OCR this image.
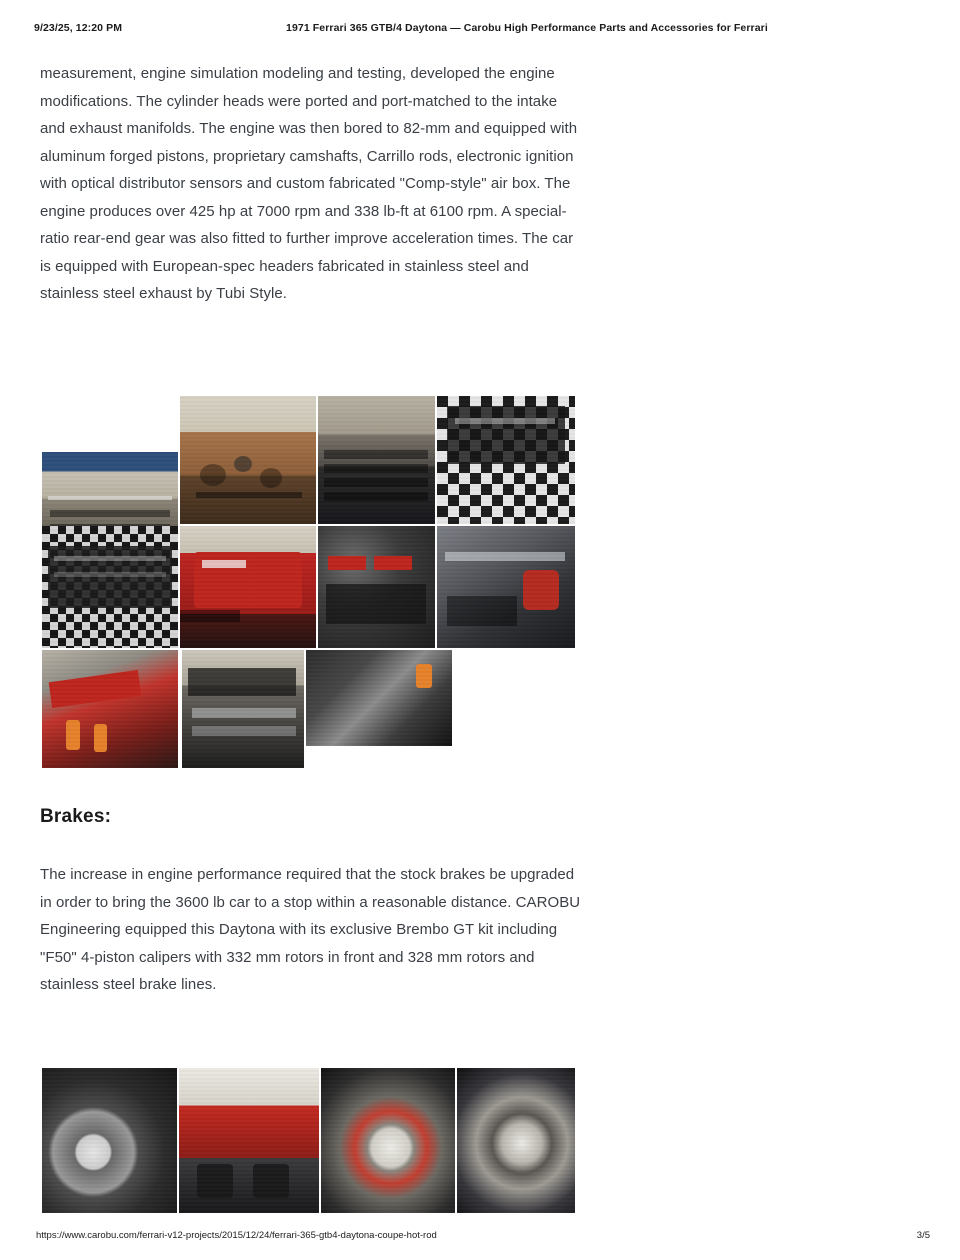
9/23/25, 12:20 PM	1971 Ferrari 365 GTB/4 Daytona — Carobu High Performance Parts and Accessories for Ferrari

measurement, engine simulation modeling and testing, developed the engine modifications. The cylinder heads were ported and port-matched to the intake and exhaust manifolds. The engine was then bored to 82-mm and equipped with aluminum forged pistons, proprietary camshafts, Carrillo rods, electronic ignition with optical distributor sensors and custom fabricated "Comp-style" air box. The engine produces over 425 hp at 7000 rpm and 338 lb-ft at 6100 rpm. A special-ratio rear-end gear was also fitted to further improve acceleration times. The car is equipped with European-spec headers fabricated in stainless steel and stainless steel exhaust by Tubi Style.

Brakes:

The increase in engine performance required that the stock brakes be upgraded in order to bring the 3600 lb car to a stop within a reasonable distance. CAROBU Engineering equipped this Daytona with its exclusive Brembo GT kit including "F50" 4-piston calipers with 332 mm rotors in front and 328 mm rotors and stainless steel brake lines.

https://www.carobu.com/ferrari-v12-projects/2015/12/24/ferrari-365-gtb4-daytona-coupe-hot-rod	3/5
